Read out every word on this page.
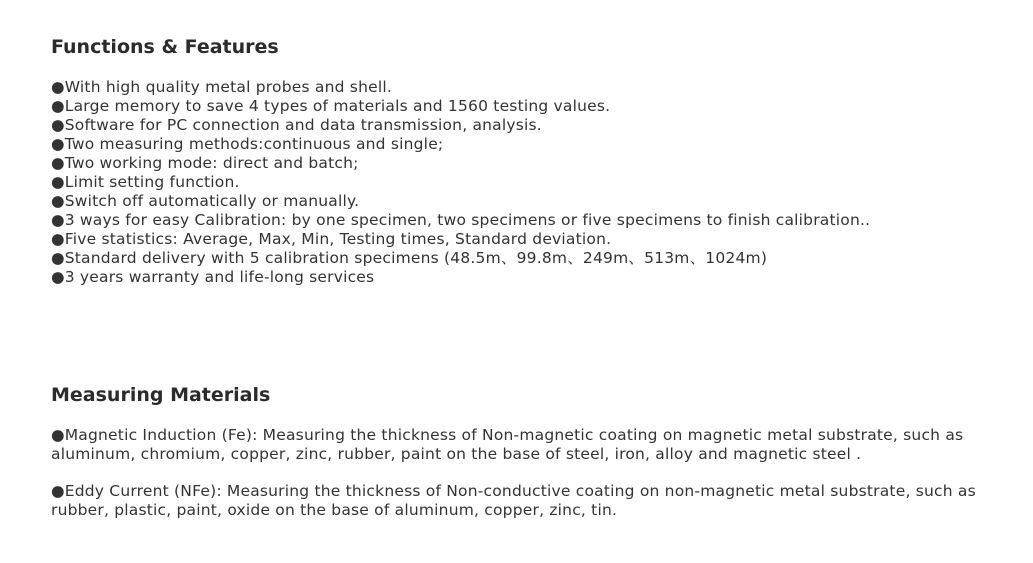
Functions & Features
●With high quality metal probes and shell.
●Large memory to save 4 types of materials and 1560 testing values.
●Software for PC connection and data transmission, analysis.
●Two measuring methods:continuous and single;
●Two working mode: direct and batch;
●Limit setting function.
●Switch off automatically or manually.
●3 ways for easy Calibration: by one specimen, two specimens or five specimens to finish calibration..
●Five statistics: Average, Max, Min, Testing times, Standard deviation.
●Standard delivery with 5 calibration specimens (48.5m、99.8m、249m、513m、1024m)
●3 years warranty and life-long services
Measuring Materials

●Magnetic Induction (Fe): Measuring the thickness of Non-magnetic coating on magnetic metal substrate, such as aluminum, chromium, copper, zinc, rubber, paint on the base of steel, iron, alloy and magnetic steel .

●Eddy Current (NFe): Measuring the thickness of Non-conductive coating on non-magnetic metal substrate, such as rubber, plastic, paint, oxide on the base of aluminum, copper, zinc, tin.
